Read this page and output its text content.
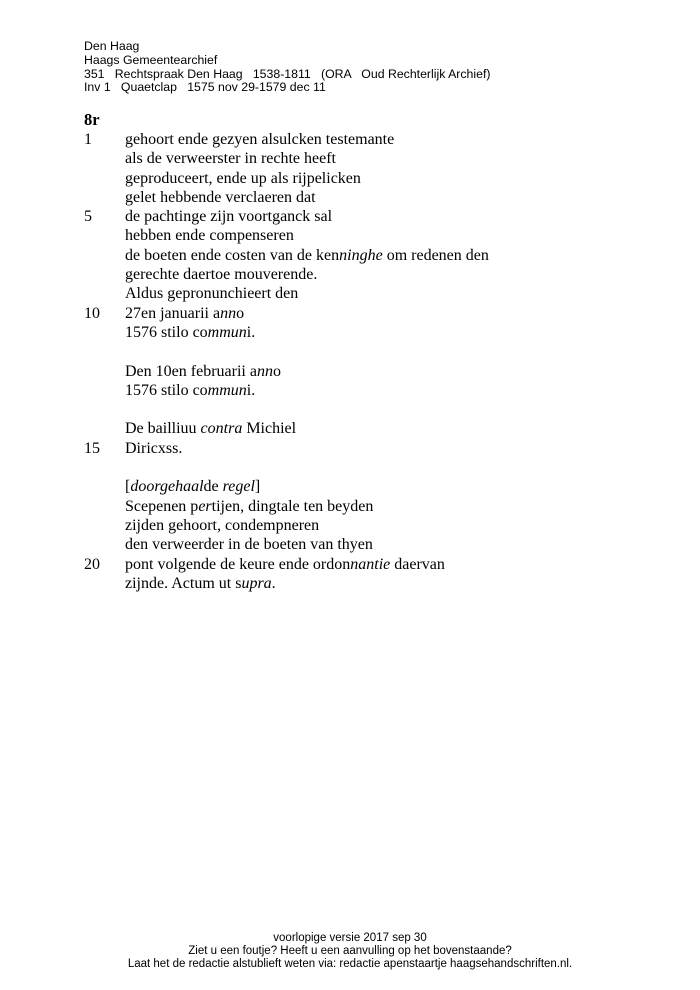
Den Haag
Haags Gemeentearchief
351   Rechtspraak Den Haag   1538-1811   (ORA   Oud Rechterlijk Archief)
Inv 1   Quaetclap   1575 nov 29-1579 dec 11
8r
1	gehoort ende gezyen alsulcken testemante
als de verweerster in rechte heeft
geproduceert, ende up als rijpelicken
gelet hebbende verclaeren dat
5	de pachtinge zijn voortganck sal
hebben ende compenseren
de boeten ende costen van de kenninghe om redenen den
gerechte daertoe mouverende.
Aldus gepronunchieert den
10	27en januarii anno
1576 stilo communi.
Den 10en februarii anno
1576 stilo communi.
De bailliuu contra Michiel
15	Diricxss.
[doorgehaalde regel]
Scepenen pertijen, dingtale ten beyden
zijden gehoort, condempneren
den verweerder in de boeten van thyen
20	pont volgende de keure ende ordonnantie daervan
zijnde. Actum ut supra.
voorlopige versie 2017 sep 30
Ziet u een foutje? Heeft u een aanvulling op het bovenstaande?
Laat het de redactie alstublieft weten via: redactie apenstaartje haagsehandschriften.nl.
